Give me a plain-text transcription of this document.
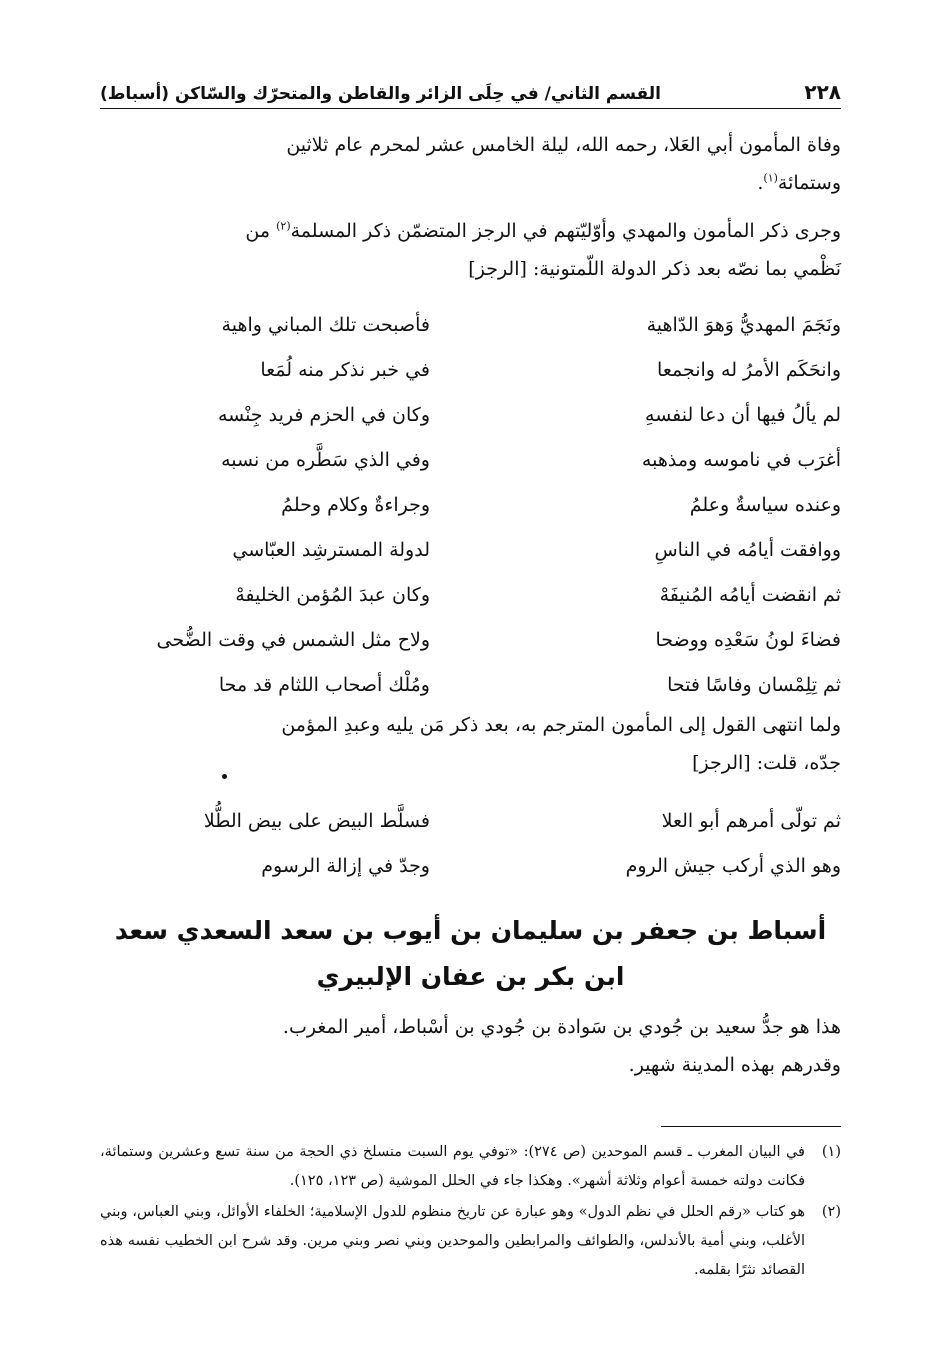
٢٢٨
القسم الثاني/ في حِلَى الزائر والقاطن والمتحرّك والسّاكن (أسباط)
وفاة المأمون أبي العَلا، رحمه الله، ليلة الخامس عشر لمحرم عام ثلاثين
وستمائة$^{(١)}$.
وجرى ذكر المأمون والمهدي وأوّليّتهم في الرجز المتضمّن ذكر المسلمة$^{(٢)}$ من
نَظْمي بما نصّه بعد ذكر الدولة اللّمتونية: [الرجز]
ونَجَمَ المهديُّ وَهوَ الدّاهية
فأصبحت تلك المباني واهية
وانحَكَم الأمرُ له وانجمعا
في خبر نذكر منه لُمَعا
لم يألُ فيها أن دعا لنفسهِ
وكان في الحزم فريد جِنْسه
أغرَب في ناموسه ومذهبه
وفي الذي سَطَّره من نسبه
وعنده سياسةٌ وعلمُ
وجراءةٌ وكلام وحلمُ
ووافقت أيامُه في الناسِ
لدولة المسترشِد العبّاسي
ثم انقضت أيامُه المُنيفَهْ
وكان عبدَ المُؤمن الخليفهْ
فضاءَ لونُ سَعْدِه ووضحا
ولاح مثل الشمس في وقت الضُّحى
ثم تِلِمْسان وفاسًا فتحا
ومُلْك أصحاب اللثام قد محا
ولما انتهى القول إلى المأمون المترجم به، بعد ذكر مَن يليه وعبدِ المؤمن
جدّه، قلت: [الرجز]
ثم تولّى أمرهم أبو العلا
فسلَّط البيض على بيض الطُّلا
وهو الذي أركب جيش الروم
وجدّ في إزالة الرسوم
أسباط بن جعفر بن سليمان بن أيوب بن سعد السعدي سعد
ابن بكر بن عفان الإلبيري
هذا هو جدُّ سعيد بن جُودي بن سَوادة بن جُودي بن أسْباط، أمير المغرب.
وقدرهم بهذه المدينة شهير.
(١)
في البيان المغرب ـ قسم الموحدين (ص ٢٧٤): «توفي يوم السبت منسلخ ذي الحجة من سنة تسع وعشرين وستمائة، فكانت دولته خمسة أعوام وثلاثة أشهر». وهكذا جاء في الحلل الموشية (ص ١٢٣، ١٢٥).
(٢)
هو كتاب «رقم الحلل في نظم الدول» وهو عبارة عن تاريخ منظوم للدول الإسلامية؛ الخلفاء الأوائل، وبني العباس، وبني الأغلب، وبني أمية بالأندلس، والطوائف والمرابطين والموحدين وبني نصر وبني مرين. وقد شرح ابن الخطيب نفسه هذه القصائد نثرًا بقلمه.
